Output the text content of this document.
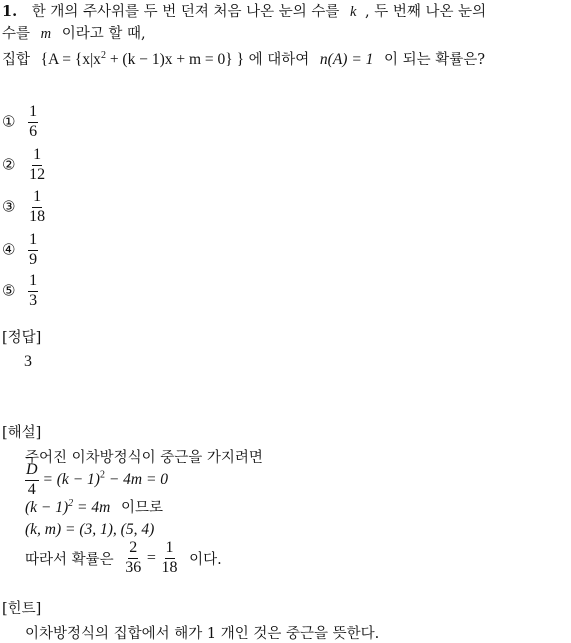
1. 한 개의 주사위를 두 번 던져 처음 나온 눈의 수를 k , 두 번째 나온 눈의
수를 m 이라고 할 때,
집합 {$A = \{x|x^2 + (k - 1)x + m = 0\}$ } 에 대하여 n(A) = 1 이 되는 확률은?
① $\frac{1}{6}$
② $\frac{1}{12}$
③ $\frac{1}{18}$
④ $\frac{1}{9}$
⑤ $\frac{1}{3}$
[정답]
3
[해설]
주어진 이차방정식이 중근을 가지려면
$\frac{D}{4} = (k - 1)^2 - 4m = 0$
$(k - 1)^2 = 4m$ 이므로
(k, m) = (3, 1), (5, 4)
따라서 확률은 $\frac{2}{36} = \frac{1}{18}$ 이다.
[힌트]
이차방정식의 집합에서 해가 1 개인 것은 중근을 뜻한다.
